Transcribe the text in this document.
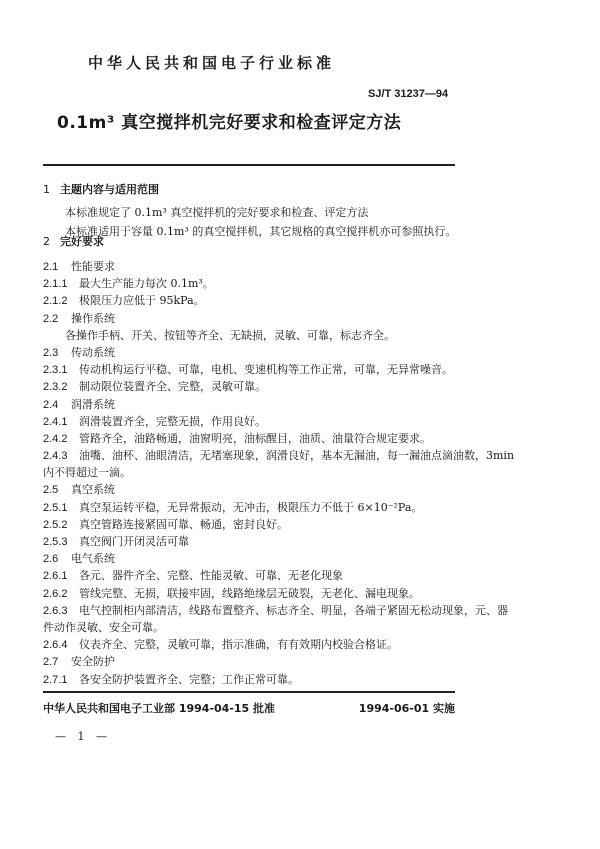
中华人民共和国电子行业标准
SJ/T 31237—94
0.1m³ 真空搅拌机完好要求和检查评定方法
1 主题内容与适用范围
本标准规定了 0.1m³ 真空搅拌机的完好要求和检查、评定方法
本标准适用于容量 0.1m³ 的真空搅拌机，其它规格的真空搅拌机亦可参照执行。
2 完好要求
2.1 性能要求
2.1.1 最大生产能力每次 0.1m³。
2.1.2 极限压力应低于 95kPa。
2.2 操作系统
各操作手柄、开关、按钮等齐全、无缺损，灵敏、可靠，标志齐全。
2.3 传动系统
2.3.1 传动机构运行平稳、可靠，电机、变速机构等工作正常，可靠，无异常噪音。
2.3.2 制动限位装置齐全、完整，灵敏可靠。
2.4 润滑系统
2.4.1 润滑装置齐全，完整无损，作用良好。
2.4.2 管路齐全，油路畅通，油窗明亮，油标醒目，油质、油量符合规定要求。
2.4.3 油嘴、油杯、油眼清洁，无堵塞现象，润滑良好，基本无漏油，每一漏油点滴油数，3min
内不得超过一滴。
2.5 真空系统
2.5.1 真空泵运转平稳，无异常振动，无冲击，极限压力不低于 6×10⁻²Pa。
2.5.2 真空管路连接紧固可靠、畅通，密封良好。
2.5.3 真空阀门开闭灵活可靠
2.6 电气系统
2.6.1 各元、器件齐全、完整、性能灵敏、可靠、无老化现象
2.6.2 管线完整、无损，联接牢固，线路绝缘层无破裂，无老化、漏电现象。
2.6.3 电气控制柜内部清洁，线路布置整齐、标志齐全、明显，各端子紧固无松动现象，元、器
件动作灵敏、安全可靠。
2.6.4 仪表齐全、完整，灵敏可靠，指示准确，有有效期内校验合格证。
2.7 安全防护
2.7.1 各安全防护装置齐全、完整；工作正常可靠。
中华人民共和国电子工业部 1994-04-15 批准	1994-06-01 实施
— 1 —
